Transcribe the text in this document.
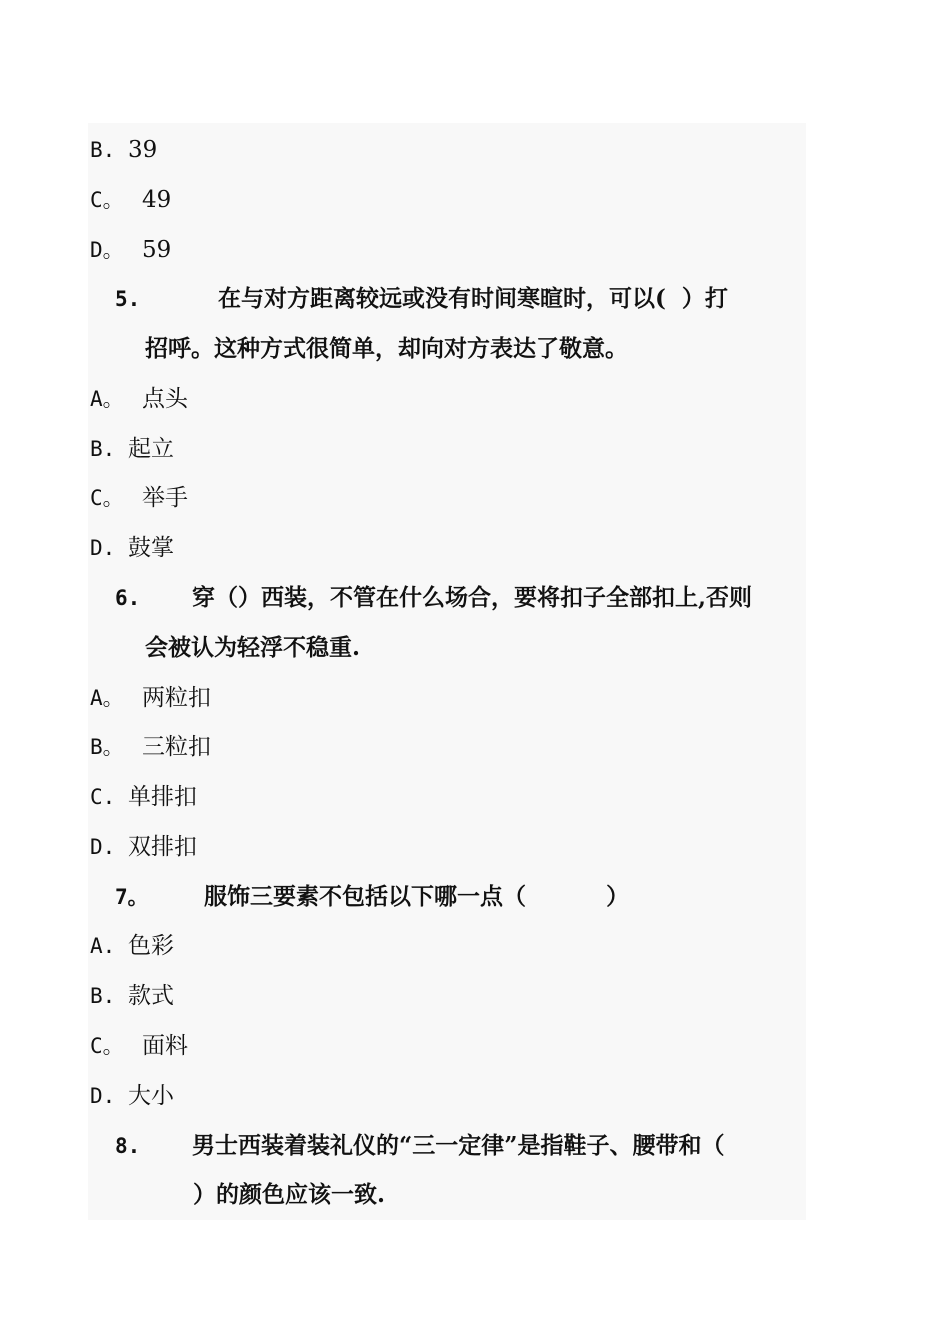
B. 39
C。 49
D。 59
5.	在与对方距离较远或没有时间寒暄时，可以(  ）打
招呼。这种方式很简单，却向对方表达了敬意。
A。 点头
B. 起立
C。 举手
D. 鼓掌
6. 穿（）西装，不管在什么场合，要将扣子全部扣上,否则
会被认为轻浮不稳重.
A。 两粒扣
B。 三粒扣
C. 单排扣
D. 双排扣
7。 服饰三要素不包括以下哪一点（          ）
A. 色彩
B. 款式
C。 面料
D. 大小
8. 男士西装着装礼仪的“三一定律”是指鞋子、腰带和（
）的颜色应该一致.
